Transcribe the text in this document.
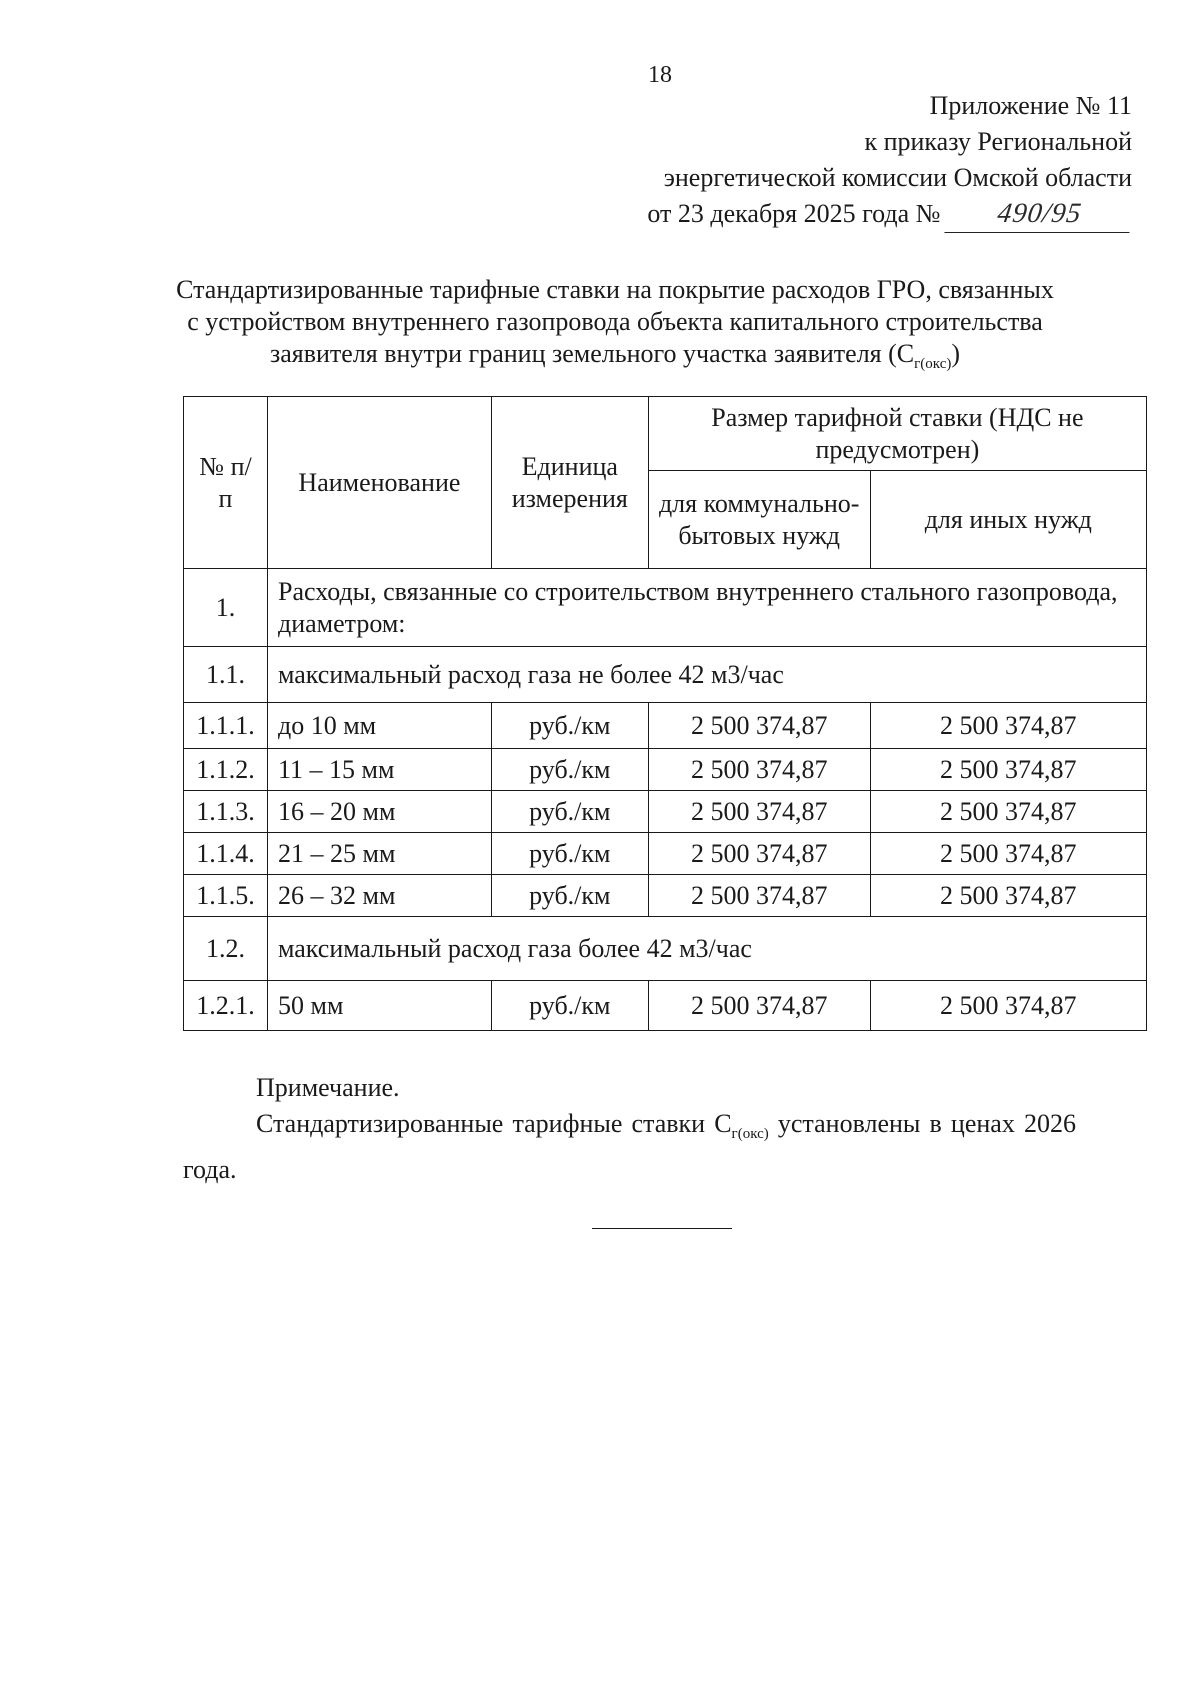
18
Приложение № 11
к приказу Региональной
энергетической комиссии Омской области
от 23 декабря 2025 года № 490/95
Стандартизированные тарифные ставки на покрытие расходов ГРО, связанных с устройством внутреннего газопровода объекта капитального строительства заявителя внутри границ земельного участка заявителя $(С_{г(окс)})$
№ п/п	Наименование	Единица измерения	Размер тарифной ставки (НДС не предусмотрен)	
			для коммунально-бытовых нужд	для иных нужд
1.	Расходы, связанные со строительством внутреннего стального газопровода, диаметром:			
1.1.	максимальный расход газа не более 42 м3/час			
1.1.1.	до 10 мм	руб./км	2 500 374,87	2 500 374,87
1.1.2.	11 – 15 мм	руб./км	2 500 374,87	2 500 374,87
1.1.3.	16 – 20 мм	руб./км	2 500 374,87	2 500 374,87
1.1.4.	21 – 25 мм	руб./км	2 500 374,87	2 500 374,87
1.1.5.	26 – 32 мм	руб./км	2 500 374,87	2 500 374,87
1.2.	максимальный расход газа более 42 м3/час			
1.2.1.	50 мм	руб./км	2 500 374,87	2 500 374,87
Примечание.
Стандартизированные тарифные ставки $С_{г(окс)}$ установлены в ценах 2026 года.
